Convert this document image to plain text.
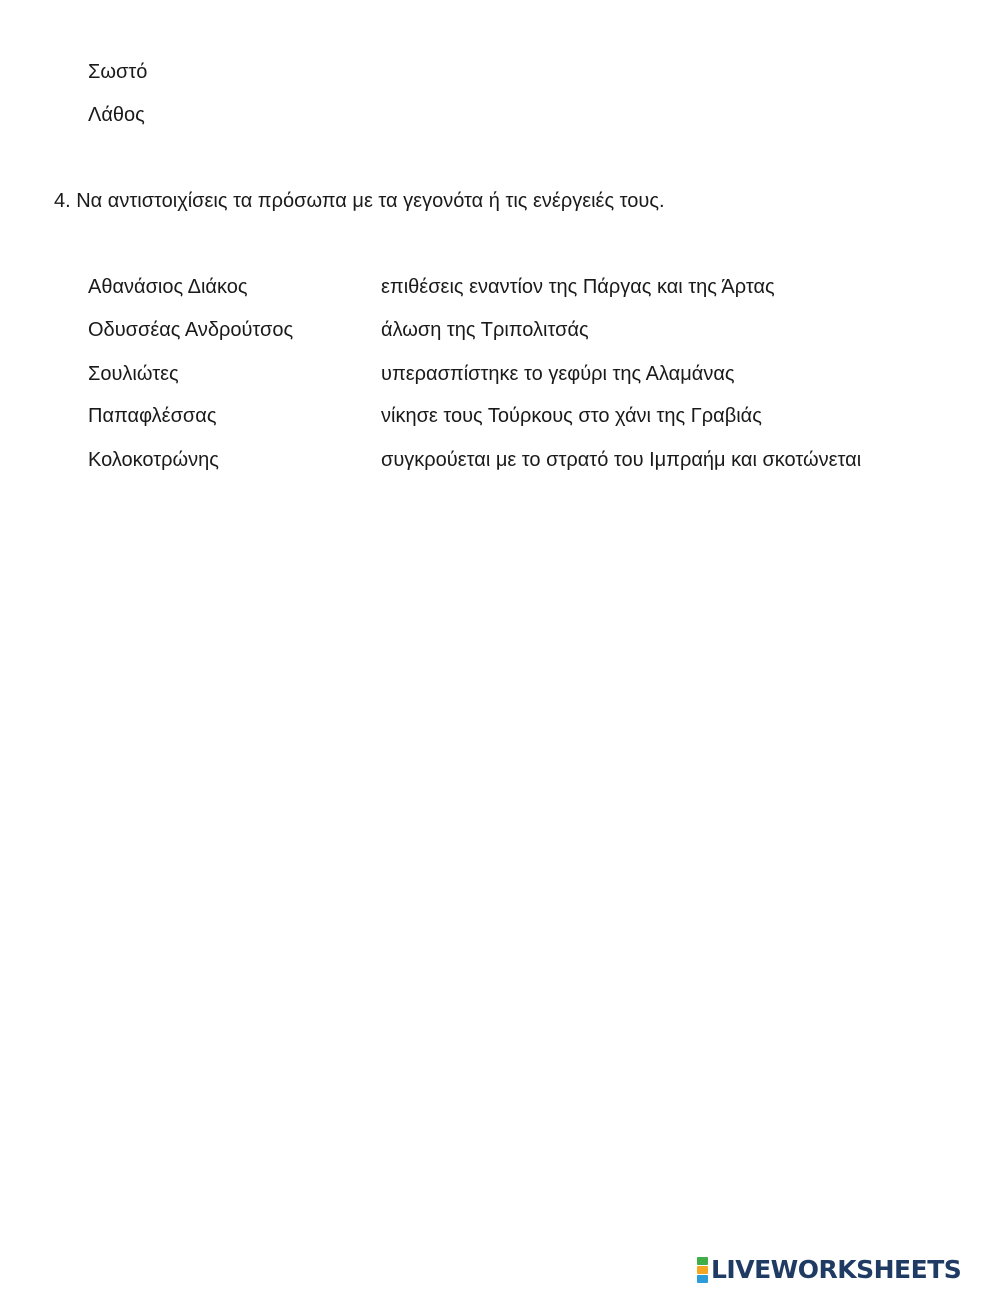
Σωστό
Λάθος
4. Να αντιστοιχίσεις τα πρόσωπα με τα γεγονότα ή τις ενέργειές τους.
Αθανάσιος Διάκος	επιθέσεις εναντίον της Πάργας και της Άρτας
Οδυσσέας Ανδρούτσος	άλωση της Τριπολιτσάς
Σουλιώτες	υπερασπίστηκε το γεφύρι της Αλαμάνας
Παπαφλέσσας	νίκησε τους Τούρκους στο χάνι της Γραβιάς
Κολοκοτρώνης	συγκρούεται με το στρατό του Ιμπραήμ και σκοτώνεται
LIVEWORKSHEETS
